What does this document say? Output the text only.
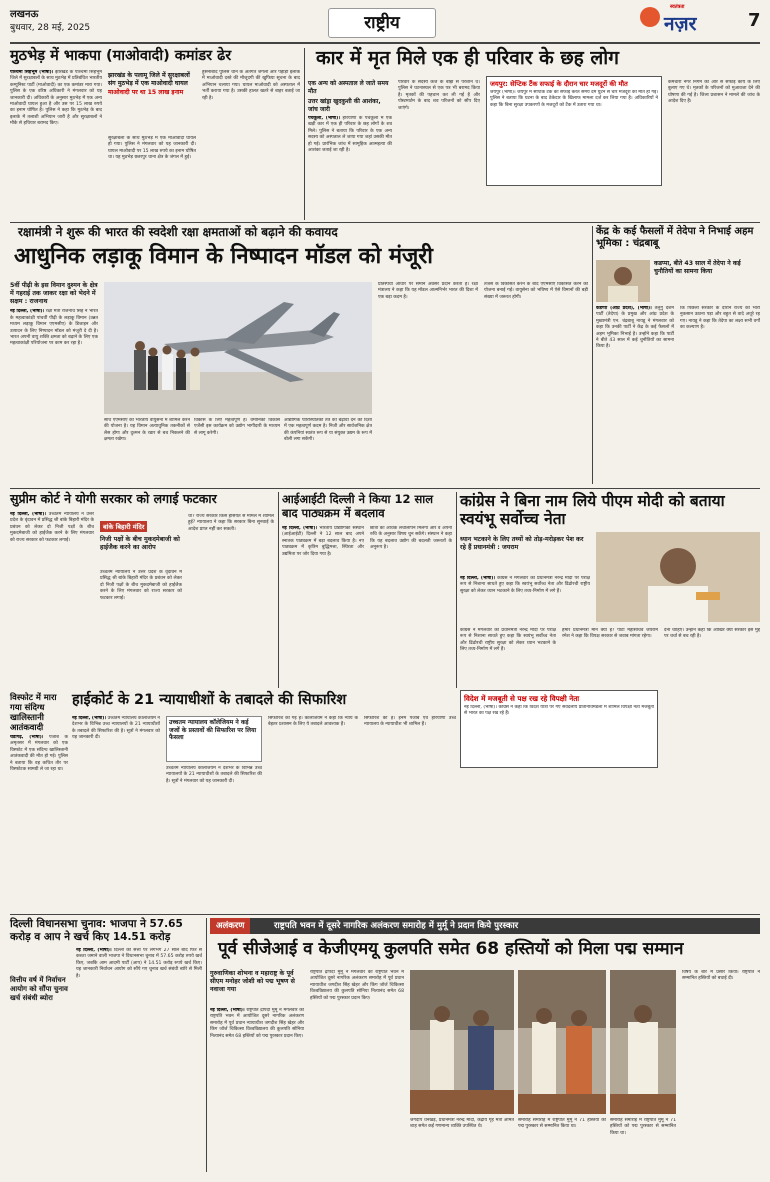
लखनऊ
बुधवार, 28 मई, 2025	राष्ट्रीय
स्वतंत्रता
नज़र	7
मुठभेड़ में भाकपा (माओवादी) कमांडर ढेर
पश्चिमी सिंहभूम (भाषा)। झारखंड के पश्चिमी सिंहभूम जिले में सुरक्षाबलों के साथ मुठभेड़ में प्रतिबंधित भारतीय कम्युनिस्ट पार्टी (माओवादी) का एक कमांडर मारा गया। पुलिस के एक वरिष्ठ अधिकारी ने मंगलवार को यह जानकारी दी। अधिकारी के अनुसार मुठभेड़ में एक अन्य माओवादी घायल हुआ है और उस पर 15 लाख रुपये का इनाम घोषित है। पुलिस ने कहा कि मुठभेड़ के बाद इलाके में तलाशी अभियान जारी है और सुरक्षाबलों ने मौके से हथियार बरामद किए।
झारखंड के पलामू जिले में सुरक्षाबलों संग मुठभेड़ में एक माओवादी घायल
माओवादी पर था 15 लाख इनाम
सुरक्षाबलों के साथ मुठभेड़ में एक माओवादी घायल हो गया। पुलिस ने मंगलवार को यह जानकारी दी। घायल माओवादी पर 15 लाख रुपये का इनाम घोषित था। यह मुठभेड़ छतरपुर थाना क्षेत्र के जंगल में हुई।
हुसैनाबाद पुलिस थाने के अंतर्गत जंगलों और पहाड़ी इलाके में माओवादी दस्ते की मौजूदगी की खुफिया सूचना के बाद अभियान चलाया गया। घायल माओवादी को अस्पताल में भर्ती कराया गया है। उसकी हालत खतरे से बाहर बताई जा रही है।
कार में मृत मिले एक ही परिवार के छह लोग
एक अन्य को अस्पताल ले जाते समय मौत
उत्तर खांड्रा खुदकुशी की आशंका, जांच जारी
पंचकूला, (भाषा)। हरियाणा के पंचकूला में एक खड़ी कार में एक ही परिवार के छह लोगों के शव मिले। पुलिस ने बताया कि परिवार के एक अन्य सदस्य को अस्पताल ले जाया गया जहां उसकी मौत हो गई। प्रारंभिक जांच में सामूहिक आत्महत्या की आशंका जताई जा रही है।
परिवार के सदस्य कर्ज के बोझ से परेशान थे। पुलिस ने घटनास्थल से एक पत्र भी बरामद किया है। मृतकों की पहचान कर ली गई है और पोस्टमार्टम के बाद शव परिजनों को सौंप दिए जाएंगे।
जयपुर: सेप्टिक टैंक सफाई के दौरान चार मजदूरों की मौत
जयपुर (भाषा)। जयपुर में सेप्टिक टैंक की सफाई करते समय दम घुटने से चार मजदूरों की मौत हो गई। पुलिस ने बताया कि घटना के बाद ठेकेदार के खिलाफ मामला दर्ज कर लिया गया है। अधिकारियों ने कहा कि बिना सुरक्षा उपकरणों के मजदूरों को टैंक में उतारा गया था।
कर्मचारी नगर निगम की ओर से सफाई कार्य के लिए बुलाए गए थे। मृतकों के परिजनों को मुआवजा देने की घोषणा की गई है। जिला प्रशासन ने मामले की जांच के आदेश दिए हैं।
रक्षामंत्री ने शुरू की भारत की स्वदेशी रक्षा क्षमताओं को बढ़ाने की कवायद
आधुनिक लड़ाकू विमान के निष्पादन मॉडल को मंजूरी
5वीं पीढ़ी के इस विमान दुश्मन के क्षेत्र में गहराई तक जाकर रक्षा को भेदने में सक्षम : राजनाथ
नई दिल्ली, (भाषा)। रक्षा मंत्री राजनाथ सिंह ने भारत के महत्वाकांक्षी पांचवीं पीढ़ी के लड़ाकू विमान (उन्नत मध्यम लड़ाकू विमान एएमसीए) के डिजाइन और उत्पादन के लिए निष्पादन मॉडल को मंजूरी दे दी है। भारत अपनी वायु शक्ति क्षमता को बढ़ाने के लिए एक महत्वाकांक्षी परियोजना पर काम कर रहा है।
साथ एएमसीए को भारतीय वायुसेना में शामिल करने की योजना है। यह विमान अत्याधुनिक तकनीकों से लैस होगा और दुश्मन के रडार से बच निकलने की क्षमता रखेगा।
विकास के लिए महत्वपूर्ण है। वैमानिकी विकास एजेंसी इस कार्यक्रम को उद्योग भागीदारी के माध्यम से लागू करेगी।
औद्योगिक पारिस्थितिकी तंत्र को बढ़ावा देने की दिशा में एक महत्वपूर्ण कदम है। निजी और सार्वजनिक क्षेत्र की कंपनियां स्वतंत्र रूप से या संयुक्त उद्यम के रूप में बोली लगा सकेंगी।
प्रतिस्पर्धी आधार पर समान अवसर प्रदान करता है। रक्षा मंत्रालय ने कहा कि यह मॉडल आत्मनिर्भर भारत की दिशा में एक बड़ा कदम है।
तेजस के विकसित करने के बाद एएमसीए विकसित करने की योजना बनाई गई। वायुसेना को भविष्य में ऐसे विमानों की बड़ी संख्या में जरूरत होगी।
केंद्र के कई फैसलों में तेदेपा ने निभाई अहम भूमिका : चंद्रबाबू
कडप्पा, बीते 43 साल में तेदेपा ने कई चुनौतियों का सामना किया
कडप्पा (आंध्र प्रदेश), (भाषा)। तेलुगु देशम पार्टी (तेदेपा) के प्रमुख और आंध्र प्रदेश के मुख्यमंत्री एन. चंद्रबाबू नायडू ने मंगलवार को कहा कि उनकी पार्टी ने केंद्र के कई फैसलों में अहम भूमिका निभाई है। उन्होंने कहा कि पार्टी ने बीते 43 साल में कई चुनौतियों का सामना किया है।
कि पिछली सरकार के दौरान राज्य को भारी नुकसान उठाना पड़ा और बहुत से वादे अधूरे रह गए। नायडू ने कहा कि तेदेपा का लक्ष्य सभी वर्गों का कल्याण है।
सुप्रीम कोर्ट ने योगी सरकार को लगाई फटकार
नई दिल्ली, (भाषा)। उच्चतम न्यायालय ने उत्तर प्रदेश के वृंदावन में प्रसिद्ध श्री बांके बिहारी मंदिर के प्रबंधन को लेकर दो निजी पक्षों के बीच मुकदमेबाजी को हाईजैक करने के लिए मंगलवार को राज्य सरकार को फटकार लगाई।
बांके बिहारी मंदिर
निजी पक्षों के बीच मुकदमेबाजी को हाईजैक करने का आरोप
उच्चतम न्यायालय ने उत्तर प्रदेश के वृंदावन में प्रसिद्ध श्री बांके बिहारी मंदिर के प्रबंधन को लेकर दो निजी पक्षों के बीच मुकदमेबाजी को हाईजैक करने के लिए मंगलवार को राज्य सरकार को फटकार लगाई।
था? राज्य सरकार किस हैसियत से मामले में शामिल हुई? न्यायालय ने कहा कि सरकार बिना सुनवाई के आदेश प्राप्त नहीं कर सकती।
आईआईटी दिल्ली ने किया 12 साल बाद पाठ्यक्रम में बदलाव
नई दिल्ली, (भाषा)। भारतीय प्रौद्योगिकी संस्थान (आईआईटी) दिल्ली ने 12 साल बाद अपने स्नातक पाठ्यक्रम में बड़ा बदलाव किया है। नए पाठ्यक्रम में कृत्रिम बुद्धिमत्ता, स्थिरता और उद्यमिता पर जोर दिया गया है।
छात्रों को अधिक लचीलापन मिलेगा और वे अपनी रुचि के अनुसार विषय चुन सकेंगे। संस्थान ने कहा कि यह बदलाव उद्योग की बदलती जरूरतों के अनुरूप है।
कांग्रेस ने बिना नाम लिये पीएम मोदी को बताया स्वयंभू सर्वोच्च नेता
ध्यान भटकाने के लिए तथ्यों को तोड़-मरोड़कर पेश कर रहे हैं प्रधानमंत्री : जयराम
नई दिल्ली, (भाषा)। कांग्रेस ने मंगलवार को प्रधानमंत्री नरेन्द्र मोदी पर परोक्ष रूप से निशाना साधते हुए कहा कि स्वयंभू सर्वोच्च नेता और ढिंढोरची राष्ट्रीय सुरक्षा को लेकर ध्यान भटकाने के लिए तथ्य-निर्माण में लगे हैं।
कांग्रेस ने मंगलवार को प्रधानमंत्री नरेन्द्र मोदी पर परोक्ष रूप से निशाना साधते हुए कहा कि स्वयंभू सर्वोच्च नेता और ढिंढोरची राष्ट्रीय सुरक्षा को लेकर ध्यान भटकाने के लिए तथ्य-निर्माण में लगे हैं।
हमारे प्रधानमंत्री मौन क्यों हैं? पार्टी महासचिव जयराम रमेश ने कहा कि विपक्ष सरकार से जवाब मांगता रहेगा।
देना चाहिए। उन्होंने कहा कि आखिर क्यों सरकार इस मुद्दे पर चर्चा से बच रही है।
विदेश में मजबूती से पक्ष रख रहे विपक्षी नेता
नई दिल्ली, (भाषा)। कांग्रेस ने कहा कि विदेश यात्रा पर गए सर्वदलीय प्रतिनिधिमंडलों में शामिल विपक्षी नेता मजबूती से भारत का पक्ष रख रहे हैं।
हाईकोर्ट के 21 न्यायाधीशों के तबादले की सिफारिश
नई दिल्ली, (भाषा)। उच्चतम न्यायालय कॉलेजियम ने देशभर के विभिन्न उच्च न्यायालयों के 21 न्यायाधीशों के तबादले की सिफारिश की है। सूत्रों ने मंगलवार को यह जानकारी दी।
उच्चतम न्यायालय कॉलेजियम ने कई जजों के प्रस्तावों की सिफारिश पर लिया फैसला
उच्चतम न्यायालय कॉलेजियम ने देशभर के विभिन्न उच्च न्यायालयों के 21 न्यायाधीशों के तबादले की सिफारिश की है। सूत्रों ने मंगलवार को यह जानकारी दी।
सिफारिश की गई है। कॉलेजियम ने कहा कि न्याय के बेहतर प्रशासन के लिए ये तबादले आवश्यक हैं।
सिफारिश की है। इनमें पंजाब एवं हरियाणा उच्च न्यायालय के न्यायाधीश भी शामिल हैं।
विस्फोट में मारा गया संदिग्ध खालिस्तानी आतंकवादी
चंडीगढ़, (भाषा)। पंजाब के अमृतसर में मंगलवार को एक विस्फोट में एक संदिग्ध खालिस्तानी आतंकवादी की मौत हो गई। पुलिस ने बताया कि वह कथित तौर पर विस्फोटक सामग्री ले जा रहा था।
दिल्ली विधानसभा चुनाव: भाजपा ने 57.65 करोड़ व आप ने खर्च किए 14.51 करोड़
वित्तीय वर्ष में निर्वाचन आयोग को सौंपा चुनाव खर्च संबंधी ब्योरा
नई दिल्ली, (भाषा)। दिल्ली की सत्ता पर लगभग 27 साल बाद फिर से कब्जा जमाने वाली भाजपा ने विधानसभा चुनाव में 57.65 करोड़ रुपये खर्च किए, जबकि आम आदमी पार्टी (आप) ने 14.51 करोड़ रुपये खर्च किए। यह जानकारी निर्वाचन आयोग को सौंपे गए चुनाव खर्च संबंधी ब्योरे से मिली है।
अलंकरण	राष्ट्रपति भवन में दूसरे नागरिक अलंकरण समारोह में मुर्मू ने प्रदान किये पुरस्कार
पूर्व सीजेआई व केजीएमयू कुलपति समेत 68 हस्तियों को मिला पद्म सम्मान
गुरुवाणिका शोभना व महाराष्ट्र के पूर्व सीएम मनोहर जोशी को पद्म भूषण से नवाजा गया
नई दिल्ली, (भाषा)। राष्ट्रपति द्रौपदी मुर्मू ने मंगलवार को राष्ट्रपति भवन में आयोजित दूसरे नागरिक अलंकरण समारोह में पूर्व प्रधान न्यायाधीश जगदीश सिंह खेहर और किंग जॉर्ज चिकित्सा विश्वविद्यालय की कुलपति सोनिया नित्यानंद समेत 68 हस्तियों को पद्म पुरस्कार प्रदान किए।
राष्ट्रपति द्रौपदी मुर्मू ने मंगलवार को राष्ट्रपति भवन में आयोजित दूसरे नागरिक अलंकरण समारोह में पूर्व प्रधान न्यायाधीश जगदीश सिंह खेहर और किंग जॉर्ज चिकित्सा विश्वविद्यालय की कुलपति सोनिया नित्यानंद समेत 68 हस्तियों को पद्म पुरस्कार प्रदान किए।
जगदीप धनखड़, प्रधानमंत्री नरेन्द्र मोदी, केंद्रीय गृह मंत्री अमित शाह समेत कई गणमान्य व्यक्ति उपस्थित थे।
समारोह समारोह में राष्ट्रपति मुर्मू ने 71 हस्तियों को पद्म पुरस्कार से सम्मानित किया था।
समारोह समारोह में राष्ट्रपति मुर्मू ने 71 हस्तियों को पद्म पुरस्कार से सम्मानित किया था।
विषय के बारे में प्रसार किया। राष्ट्रपति ने सम्मानित हस्तियों को बधाई दी।
